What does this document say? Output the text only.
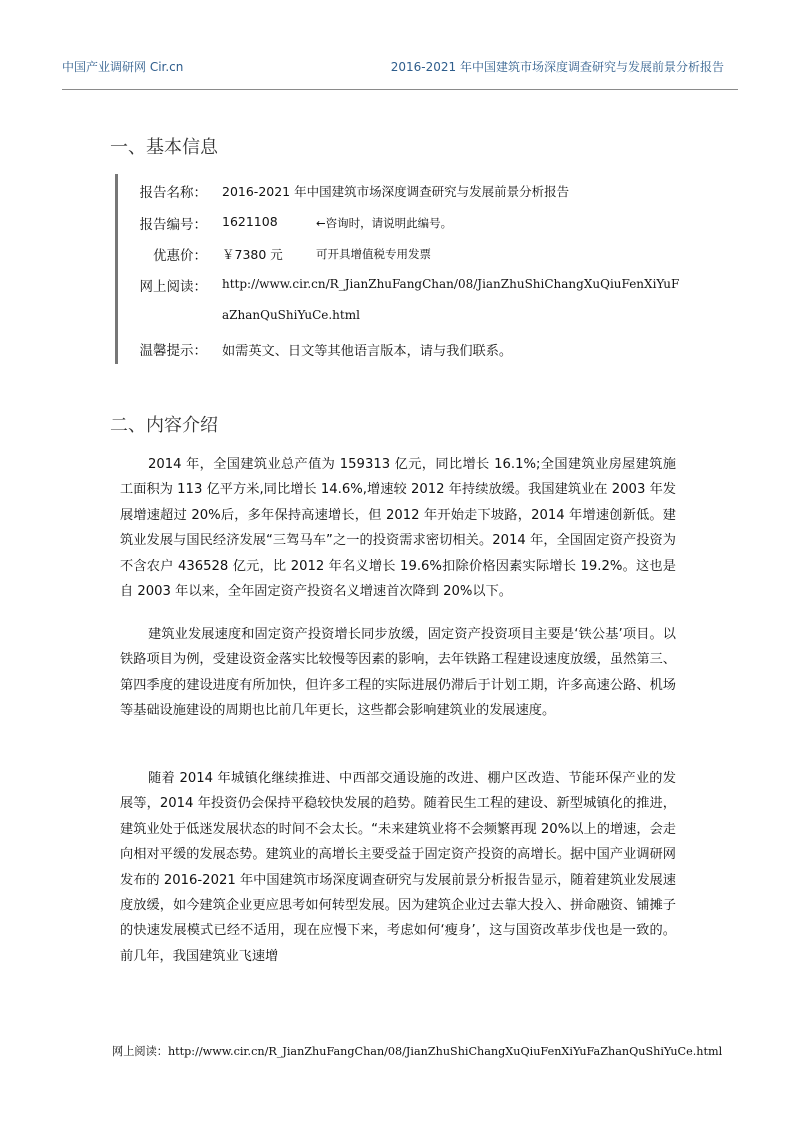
中国产业调研网 Cir.cn	2016-2021 年中国建筑市场深度调查研究与发展前景分析报告
一、基本信息
报告名称： 2016-2021 年中国建筑市场深度调查研究与发展前景分析报告
报告编号： 1621108	←咨询时，请说明此编号。
优惠价： ￥7380 元	可开具增值税专用发票
网上阅读： http://www.cir.cn/R_JianZhuFangChan/08/JianZhuShiChangXuQiuFenXiYuF
aZhanQuShiYuCe.html
温馨提示： 如需英文、日文等其他语言版本，请与我们联系。
二、内容介绍

2014 年，全国建筑业总产值为 159313 亿元，同比增长 16.1%;全国建筑业房屋建筑施工面积为 113 亿平方米,同比增长 14.6%,增速较 2012 年持续放缓。我国建筑业在 2003 年发展增速超过 20%后，多年保持高速增长，但 2012 年开始走下坡路，2014 年增速创新低。建筑业发展与国民经济发展“三驾马车”之一的投资需求密切相关。2014 年，全国固定资产投资为不含农户 436528 亿元，比 2012 年名义增长 19.6%扣除价格因素实际增长 19.2%。这也是自 2003 年以来，全年固定资产投资名义增速首次降到 20%以下。

建筑业发展速度和固定资产投资增长同步放缓，固定资产投资项目主要是‘铁公基’项目。以铁路项目为例，受建设资金落实比较慢等因素的影响，去年铁路工程建设速度放缓，虽然第三、第四季度的建设进度有所加快，但许多工程的实际进展仍滞后于计划工期，许多高速公路、机场等基础设施建设的周期也比前几年更长，这些都会影响建筑业的发展速度。

随着 2014 年城镇化继续推进、中西部交通设施的改进、棚户区改造、节能环保产业的发展等，2014 年投资仍会保持平稳较快发展的趋势。随着民生工程的建设、新型城镇化的推进，建筑业处于低迷发展状态的时间不会太长。“未来建筑业将不会频繁再现 20%以上的增速，会走向相对平缓的发展态势。建筑业的高增长主要受益于固定资产投资的高增长。据中国产业调研网发布的 2016-2021 年中国建筑市场深度调查研究与发展前景分析报告显示，随着建筑业发展速度放缓，如今建筑企业更应思考如何转型发展。因为建筑企业过去靠大投入、拼命融资、铺摊子的快速发展模式已经不适用，现在应慢下来，考虑如何‘瘦身’，这与国资改革步伐也是一致的。前几年，我国建筑业飞速增

网上阅读：http://www.cir.cn/R_JianZhuFangChan/08/JianZhuShiChangXuQiuFenXiYuFaZhanQuShiYuCe.html
